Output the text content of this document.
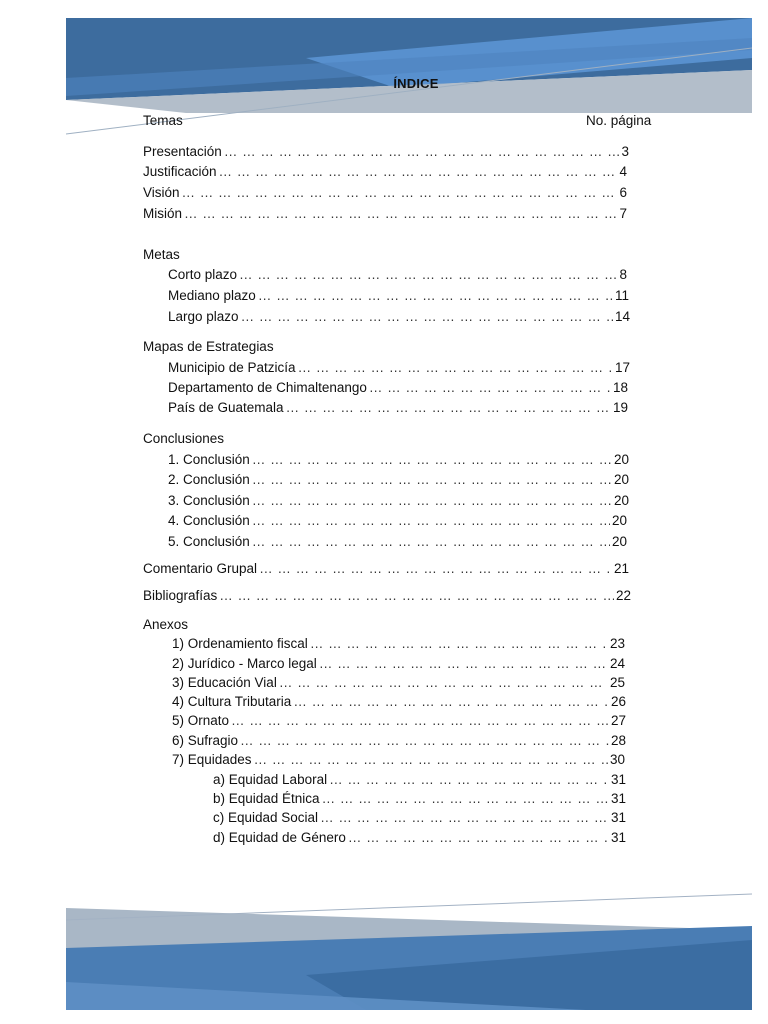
ÍNDICE
Temas	No. página
Presentación … … … … … … … … … … … … … … … … … … … … … … … … … … … … … … … … … … … … … … … … … … … … … …	3
Justificación … … … … … … … … … … … … … … … … … … … … … … … … … … … … … … … … … … … … … … … … … … … … … …	4
Visión … … … … … … … … … … … … … … … … … … … … … … … … … … … … … … … … … … … … … … … … … … … … … …	6
Misión … … … … … … … … … … … … … … … … … … … … … … … … … … … … … … … … … … … … … … … … … … … … … …	7
Metas
Corto plazo … … … … … … … … … … … … … … … … … … … … … … … … … … … … … … … … … … … … … … … … … … … … … …	8
Mediano plazo … … … … … … … … … … … … … … … … … … … … … … … … … … … … … … … … … … … … … … … … … … … … … …	11
Largo plazo … … … … … … … … … … … … … … … … … … … … … … … … … … … … … … … … … … … … … … … … … … … … … …	14
Mapas de Estrategias
Municipio de Patzicía … … … … … … … … … … … … … … … … … … … … … … … … … … … … … … … … … … … … … … … … … … … … … …	17
Departamento de Chimaltenango … … … … … … … … … … … … … … … … … … … … … … … … … … … … … … … … … … … … … … … … … … … … … …	18
País de Guatemala … … … … … … … … … … … … … … … … … … … … … … … … … … … … … … … … … … … … … … … … … … … … … …	19
Conclusiones
1. Conclusión … … … … … … … … … … … … … … … … … … … … … … … … … … … … … … … … … … … … … … … … … … … … … …	20
2. Conclusión … … … … … … … … … … … … … … … … … … … … … … … … … … … … … … … … … … … … … … … … … … … … … …	20
3. Conclusión … … … … … … … … … … … … … … … … … … … … … … … … … … … … … … … … … … … … … … … … … … … … … …	20
4. Conclusión … … … … … … … … … … … … … … … … … … … … … … … … … … … … … … … … … … … … … … … … … … … … … …	20
5. Conclusión … … … … … … … … … … … … … … … … … … … … … … … … … … … … … … … … … … … … … … … … … … … … … …	20
Comentario Grupal … … … … … … … … … … … … … … … … … … … … … … … … … … … … … … … … … … … … … … … … … … … … … …	21
Bibliografías … … … … … … … … … … … … … … … … … … … … … … … … … … … … … … … … … … … … … … … … … … … … … …	22
Anexos
1) Ordenamiento fiscal … … … … … … … … … … … … … … … … … … … … … … … … … … … … … … … … … … … … … … … … … … … … … …	23
2) Jurídico - Marco legal … … … … … … … … … … … … … … … … … … … … … … … … … … … … … … … … … … … … … … … … … … … … … …	24
3) Educación Vial … … … … … … … … … … … … … … … … … … … … … … … … … … … … … … … … … … … … … … … … … … … … … …	25
4) Cultura Tributaria … … … … … … … … … … … … … … … … … … … … … … … … … … … … … … … … … … … … … … … … … … … … … …	26
5) Ornato … … … … … … … … … … … … … … … … … … … … … … … … … … … … … … … … … … … … … … … … … … … … … …	27
6) Sufragio … … … … … … … … … … … … … … … … … … … … … … … … … … … … … … … … … … … … … … … … … … … … … …	28
7) Equidades … … … … … … … … … … … … … … … … … … … … … … … … … … … … … … … … … … … … … … … … … … … … … …	30
a) Equidad Laboral … … … … … … … … … … … … … … … … … … … … … … … … … … … … … … … … … … … … … … … … … … … … … …	31
b) Equidad Étnica … … … … … … … … … … … … … … … … … … … … … … … … … … … … … … … … … … … … … … … … … … … … … …	31
c) Equidad Social … … … … … … … … … … … … … … … … … … … … … … … … … … … … … … … … … … … … … … … … … … … … … …	31
d) Equidad de Género … … … … … … … … … … … … … … … … … … … … … … … … … … … … … … … … … … … … … … … … … … … … … …	31
